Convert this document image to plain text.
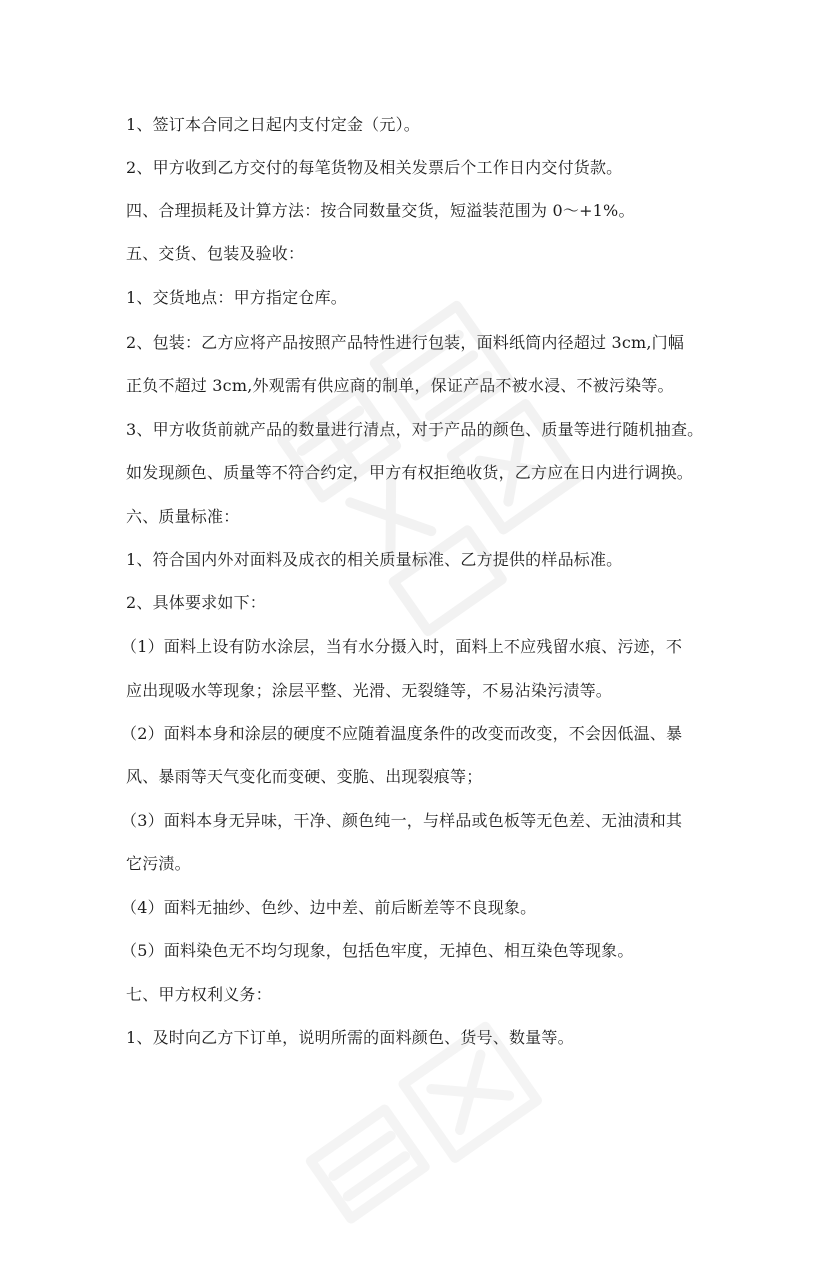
1、签订本合同之日起内支付定金（元）。
2、甲方收到乙方交付的每笔货物及相关发票后个工作日内交付货款。
四、合理损耗及计算方法：按合同数量交货，短溢装范围为 0～+1%。
五、交货、包装及验收：
1、交货地点：甲方指定仓库。
2、包装：乙方应将产品按照产品特性进行包装，面料纸筒内径超过 3cm,门幅
正负不超过 3cm,外观需有供应商的制单，保证产品不被水浸、不被污染等。
3、甲方收货前就产品的数量进行清点，对于产品的颜色、质量等进行随机抽查。
如发现颜色、质量等不符合约定，甲方有权拒绝收货，乙方应在日内进行调换。
六、质量标准：
1、符合国内外对面料及成衣的相关质量标准、乙方提供的样品标准。
2、具体要求如下：
（1）面料上设有防水涂层，当有水分摄入时，面料上不应残留水痕、污迹，不
应出现吸水等现象；涂层平整、光滑、无裂缝等，不易沾染污渍等。
（2）面料本身和涂层的硬度不应随着温度条件的改变而改变，不会因低温、暴
风、暴雨等天气变化而变硬、变脆、出现裂痕等；
（3）面料本身无异味，干净、颜色纯一，与样品或色板等无色差、无油渍和其
它污渍。
（4）面料无抽纱、色纱、边中差、前后断差等不良现象。
（5）面料染色无不均匀现象，包括色牢度，无掉色、相互染色等现象。
七、甲方权利义务：
1、及时向乙方下订单，说明所需的面料颜色、货号、数量等。
